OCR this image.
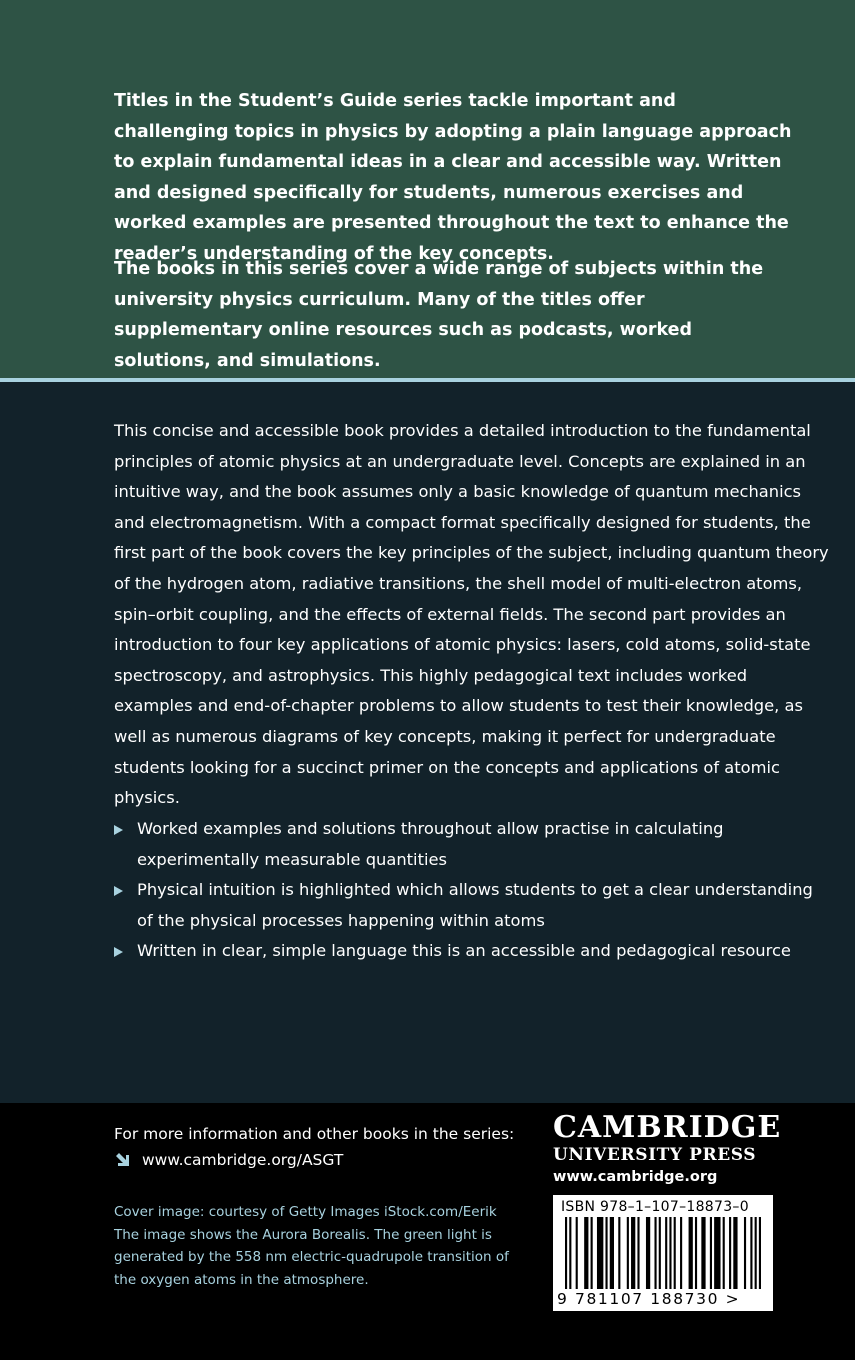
Titles in the Student’s Guide series tackle important and challenging topics in physics by adopting a plain language approach to explain fundamental ideas in a clear and accessible way. Written and designed specifically for students, numerous exercises and worked examples are presented throughout the text to enhance the reader’s understanding of the key concepts.

The books in this series cover a wide range of subjects within the university physics curriculum. Many of the titles offer supplementary online resources such as podcasts, worked solutions, and simulations.

This concise and accessible book provides a detailed introduction to the fundamental principles of atomic physics at an undergraduate level. Concepts are explained in an intuitive way, and the book assumes only a basic knowledge of quantum mechanics and electromagnetism. With a compact format specifically designed for students, the first part of the book covers the key principles of the subject, including quantum theory of the hydrogen atom, radiative transitions, the shell model of multi-electron atoms, spin–orbit coupling, and the effects of external fields. The second part provides an introduction to four key applications of atomic physics: lasers, cold atoms, solid-state spectroscopy, and astrophysics. This highly pedagogical text includes worked examples and end-of-chapter problems to allow students to test their knowledge, as well as numerous diagrams of key concepts, making it perfect for undergraduate students looking for a succinct primer on the concepts and applications of atomic physics.

Worked examples and solutions throughout allow practise in calculating experimentally measurable quantities
Physical intuition is highlighted which allows students to get a clear understanding of the physical processes happening within atoms
Written in clear, simple language this is an accessible and pedagogical resource
For more information and other books in the series:
www.cambridge.org/ASGT

Cover image: courtesy of Getty Images iStock.com/Eerik The image shows the Aurora Borealis. The green light is generated by the 558 nm electric-quadrupole transition of the oxygen atoms in the atmosphere.

CAMBRIDGE
UNIVERSITY PRESS
www.cambridge.org
ISBN 978–1–107–18873–0
9 781107 188730 >
